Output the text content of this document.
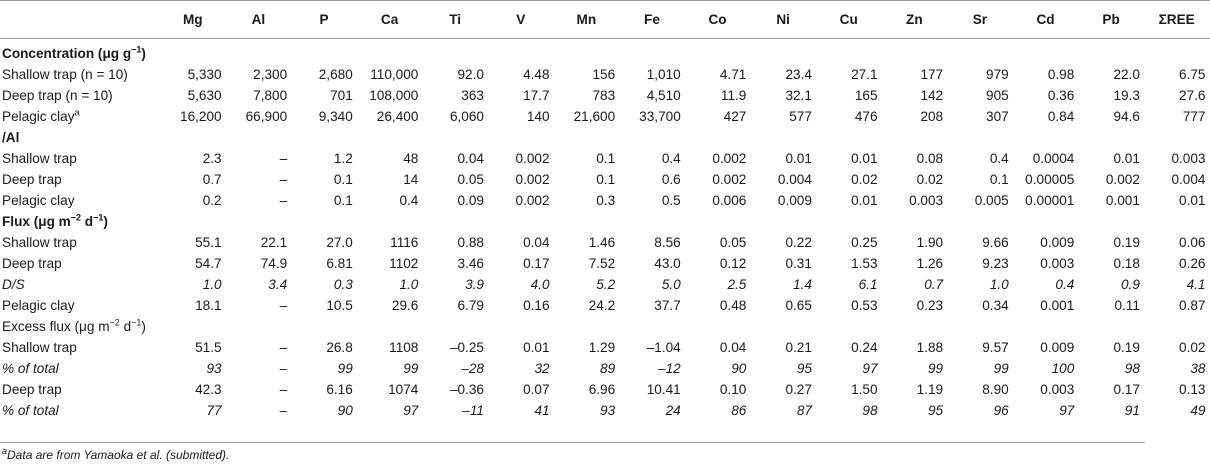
	Mg	Al	P	Ca	Ti	V	Mn	Fe	Co	Ni	Cu	Zn	Sr	Cd	Pb	ΣREE
Concentration (μg $g^{-1}$)																
Shallow trap (n = 10)	5,330	2,300	2,680	110,000	92.0	4.48	156	1,010	4.71	23.4	27.1	177	979	0.98	22.0	6.75
Deep trap (n = 10)	5,630	7,800	701	108,000	363	17.7	783	4,510	11.9	32.1	165	142	905	0.36	19.3	27.6
Pelagic clay$^a$	16,200	66,900	9,340	26,400	6,060	140	21,600	33,700	427	577	476	208	307	0.84	94.6	777
/Al																
Shallow trap	2.3	–	1.2	48	0.04	0.002	0.1	0.4	0.002	0.01	0.01	0.08	0.4	0.0004	0.01	0.003
Deep trap	0.7	–	0.1	14	0.05	0.002	0.1	0.6	0.002	0.004	0.02	0.02	0.1	0.00005	0.002	0.004
Pelagic clay	0.2	–	0.1	0.4	0.09	0.002	0.3	0.5	0.006	0.009	0.01	0.003	0.005	0.00001	0.001	0.01
Flux (μg $m^{-2}$ $d^{-1}$)																
Shallow trap	55.1	22.1	27.0	1116	0.88	0.04	1.46	8.56	0.05	0.22	0.25	1.90	9.66	0.009	0.19	0.06
Deep trap	54.7	74.9	6.81	1102	3.46	0.17	7.52	43.0	0.12	0.31	1.53	1.26	9.23	0.003	0.18	0.26
D/S	1.0	3.4	0.3	1.0	3.9	4.0	5.2	5.0	2.5	1.4	6.1	0.7	1.0	0.4	0.9	4.1
Pelagic clay	18.1	–	10.5	29.6	6.79	0.16	24.2	37.7	0.48	0.65	0.53	0.23	0.34	0.001	0.11	0.87
Excess flux (μg $m^{-2}$ $d^{-1}$)																
Shallow trap	51.5	–	26.8	1108	–0.25	0.01	1.29	–1.04	0.04	0.21	0.24	1.88	9.57	0.009	0.19	0.02
% of total	93	–	99	99	–28	32	89	–12	90	95	97	99	99	100	98	38
Deep trap	42.3	–	6.16	1074	–0.36	0.07	6.96	10.41	0.10	0.27	1.50	1.19	8.90	0.003	0.17	0.13
% of total	77	–	90	97	–11	41	93	24	86	87	98	95	96	97	91	49
$^a$Data are from Yamaoka et al. (submitted).
